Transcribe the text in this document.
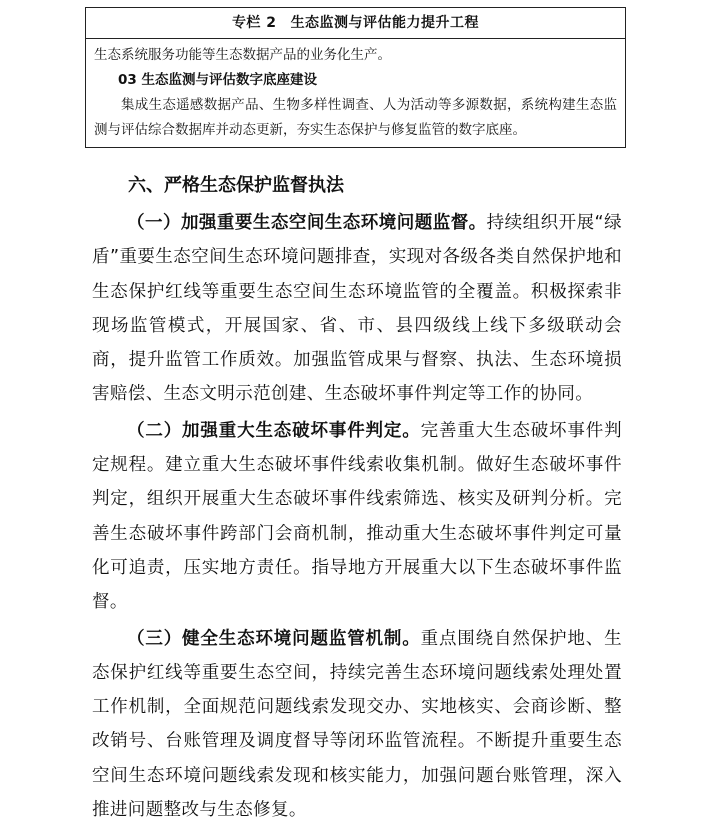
专栏 2 生态监测与评估能力提升工程
生态系统服务功能等生态数据产品的业务化生产。
03 生态监测与评估数字底座建设
集成生态遥感数据产品、生物多样性调查、人为活动等多源数据，系统构建生态监测与评估综合数据库并动态更新，夯实生态保护与修复监管的数字底座。
六、严格生态保护监督执法

（一）加强重要生态空间生态环境问题监督。持续组织开展“绿盾”重要生态空间生态环境问题排查，实现对各级各类自然保护地和生态保护红线等重要生态空间生态环境监管的全覆盖。积极探索非现场监管模式，开展国家、省、市、县四级线上线下多级联动会商，提升监管工作质效。加强监管成果与督察、执法、生态环境损害赔偿、生态文明示范创建、生态破坏事件判定等工作的协同。

（二）加强重大生态破坏事件判定。完善重大生态破坏事件判定规程。建立重大生态破坏事件线索收集机制。做好生态破坏事件判定，组织开展重大生态破坏事件线索筛选、核实及研判分析。完善生态破坏事件跨部门会商机制，推动重大生态破坏事件判定可量化可追责，压实地方责任。指导地方开展重大以下生态破坏事件监督。

（三）健全生态环境问题监管机制。重点围绕自然保护地、生态保护红线等重要生态空间，持续完善生态环境问题线索处理处置工作机制，全面规范问题线索发现交办、实地核实、会商诊断、整改销号、台账管理及调度督导等闭环监管流程。不断提升重要生态空间生态环境问题线索发现和核实能力，加强问题台账管理，深入推进问题整改与生态修复。
